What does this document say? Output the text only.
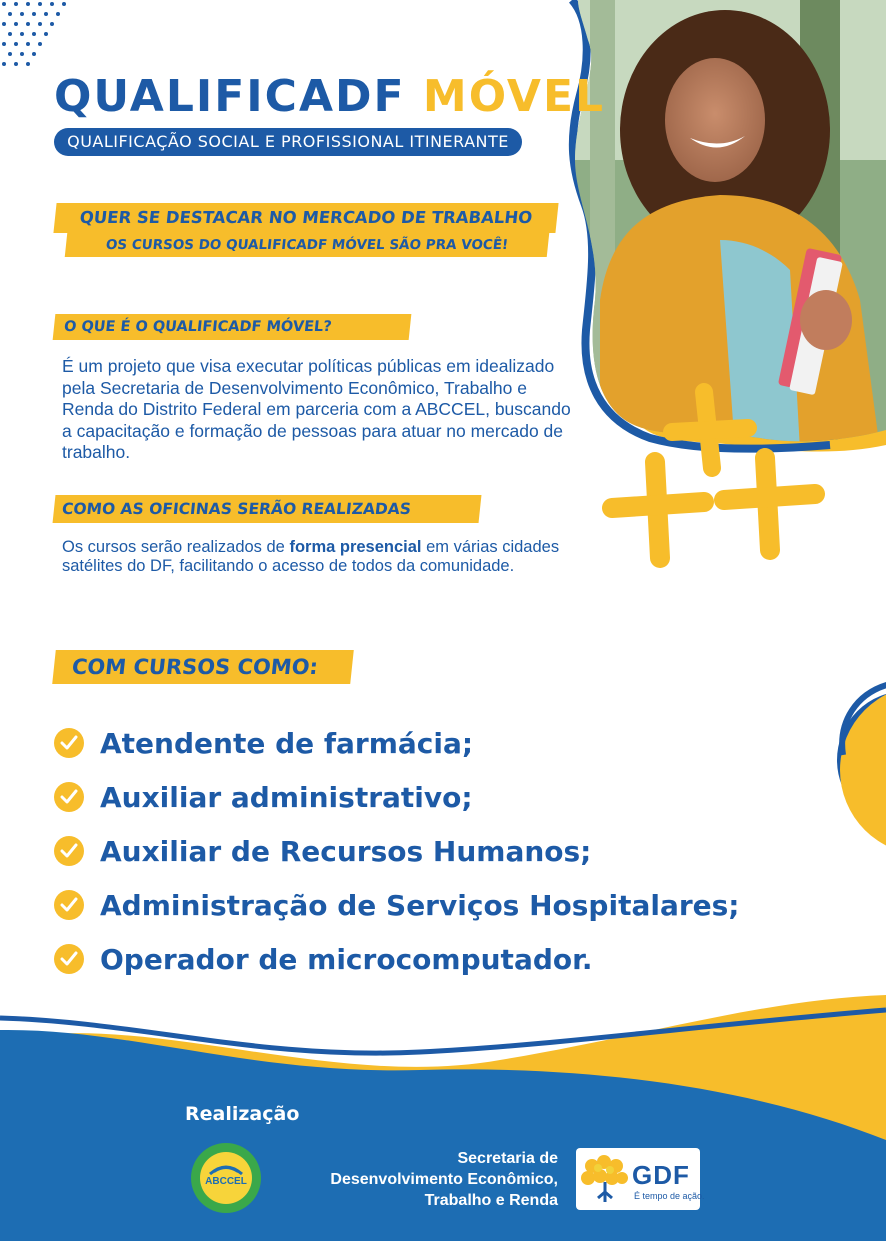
QUALIFICADF MÓVEL
QUALIFICAÇÃO SOCIAL E PROFISSIONAL ITINERANTE
QUER SE DESTACAR NO MERCADO DE TRABALHO
OS CURSOS DO QUALIFICADF MÓVEL SÃO PRA VOCÊ!
O QUE É O QUALIFICADF MÓVEL?
É um projeto que visa executar políticas públicas em idealizado pela Secretaria de Desenvolvimento Econômico, Trabalho e Renda do Distrito Federal em parceria com a ABCCEL, buscando a capacitação e formação de pessoas para atuar no mercado de trabalho.
COMO AS OFICINAS SERÃO REALIZADAS
Os cursos serão realizados de forma presencial em várias cidades satélites do DF, facilitando o acesso de todos da comunidade.
COM CURSOS COMO:
Atendente de farmácia;
Auxiliar administrativo;
Auxiliar de Recursos Humanos;
Administração de Serviços Hospitalares;
Operador de microcomputador.
Realização
ABCCEL
Secretaria de
Desenvolvimento Econômico,
Trabalho e Renda
GDF
É tempo de ação.
